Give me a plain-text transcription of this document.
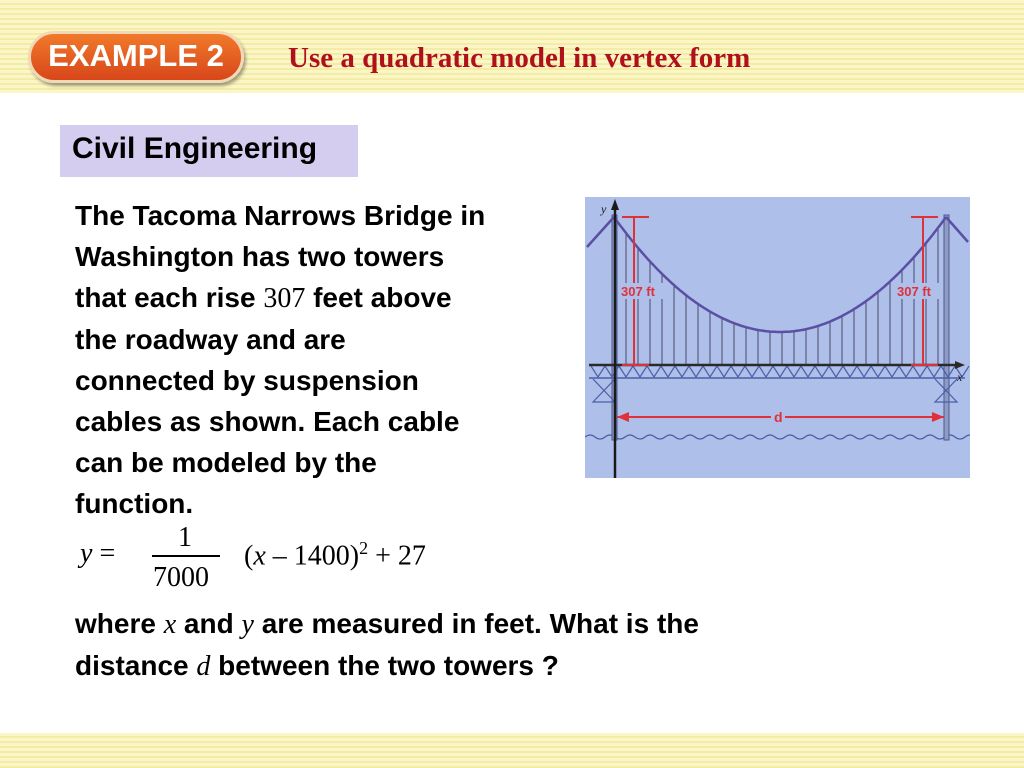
EXAMPLE 2	Use a quadratic model in vertex form
Civil Engineering
The Tacoma Narrows Bridge in
Washington has two towers
that each rise 307 feet above
the roadway and are
connected by suspension
cables as shown. Each cable
can be modeled by the
function.
y =
1
7000
(x – 1400)$^2$ + 27
where x and y are measured in feet. What is the
distance d between the two towers ?
y
x
307 ft	307 ft
d
